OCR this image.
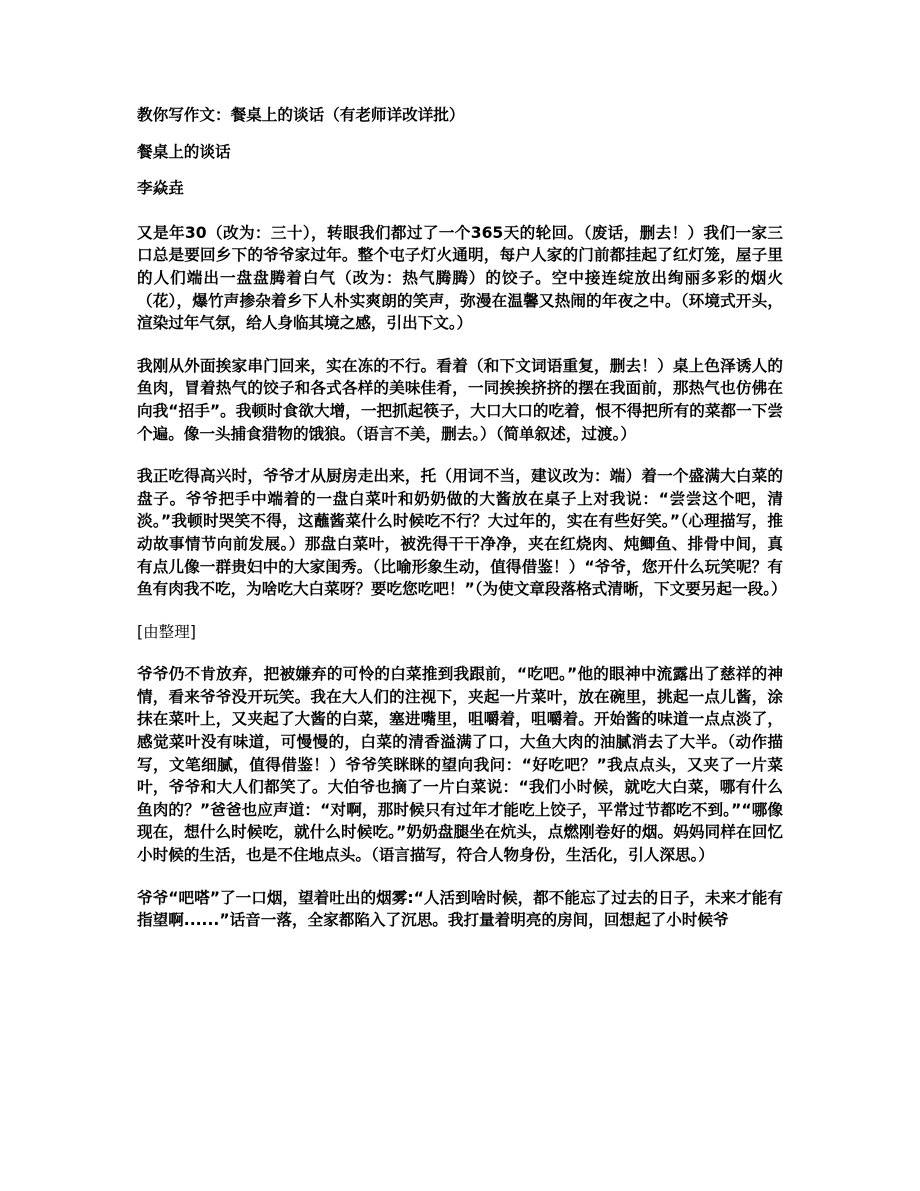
教你写作文：餐桌上的谈话（有老师详改详批）

餐桌上的谈话

李焱垚

又是年30（改为：三十），转眼我们都过了一个365天的轮回。（废话，删去！）我们一家三口总是要回乡下的爷爷家过年。整个屯子灯火通明，每户人家的门前都挂起了红灯笼，屋子里的人们端出一盘盘腾着白气（改为：热气腾腾）的饺子。空中接连绽放出绚丽多彩的烟火（花），爆竹声掺杂着乡下人朴实爽朗的笑声，弥漫在温馨又热闹的年夜之中。（环境式开头，渲染过年气氛，给人身临其境之感，引出下文。）

我刚从外面挨家串门回来，实在冻的不行。看着（和下文词语重复，删去！）桌上色泽诱人的鱼肉，冒着热气的饺子和各式各样的美味佳肴，一同挨挨挤挤的摆在我面前，那热气也仿佛在向我“招手”。我顿时食欲大增，一把抓起筷子，大口大口的吃着，恨不得把所有的菜都一下尝个遍。像一头捕食猎物的饿狼。（语言不美，删去。）（简单叙述，过渡。）

我正吃得高兴时，爷爷才从厨房走出来，托（用词不当，建议改为：端）着一个盛满大白菜的盘子。爷爷把手中端着的一盘白菜叶和奶奶做的大酱放在桌子上对我说：“尝尝这个吧，清淡。”我顿时哭笑不得，这蘸酱菜什么时候吃不行？大过年的，实在有些好笑。”（心理描写，推动故事情节向前发展。）那盘白菜叶，被洗得干干净净，夹在红烧肉、炖鲫鱼、排骨中间，真有点儿像一群贵妇中的大家闺秀。（比喻形象生动，值得借鉴！）“爷爷，您开什么玩笑呢？有鱼有肉我不吃，为啥吃大白菜呀？要吃您吃吧！”（为使文章段落格式清晰，下文要另起一段。）

[由整理]

爷爷仍不肯放弃，把被嫌弃的可怜的白菜推到我跟前，“吃吧。”他的眼神中流露出了慈祥的神情，看来爷爷没开玩笑。我在大人们的注视下，夹起一片菜叶，放在碗里，挑起一点儿酱，涂抹在菜叶上，又夹起了大酱的白菜，塞进嘴里，咀嚼着，咀嚼着。开始酱的味道一点点淡了，感觉菜叶没有味道，可慢慢的，白菜的清香溢满了口，大鱼大肉的油腻消去了大半。（动作描写，文笔细腻，值得借鉴！）爷爷笑眯眯的望向我问：“好吃吧？”我点点头，又夹了一片菜叶，爷爷和大人们都笑了。大伯爷也摘了一片白菜说：“我们小时候，就吃大白菜，哪有什么鱼肉的？”爸爸也应声道：“对啊，那时候只有过年才能吃上饺子，平常过节都吃不到。”“哪像现在，想什么时候吃，就什么时候吃。”奶奶盘腿坐在炕头，点燃刚卷好的烟。妈妈同样在回忆小时候的生活，也是不住地点头。（语言描写，符合人物身份，生活化，引人深思。）

爷爷“吧嗒”了一口烟，望着吐出的烟雾:“人活到啥时候，都不能忘了过去的日子，未来才能有指望啊......”话音一落，全家都陷入了沉思。我打量着明亮的房间，回想起了小时候爷
